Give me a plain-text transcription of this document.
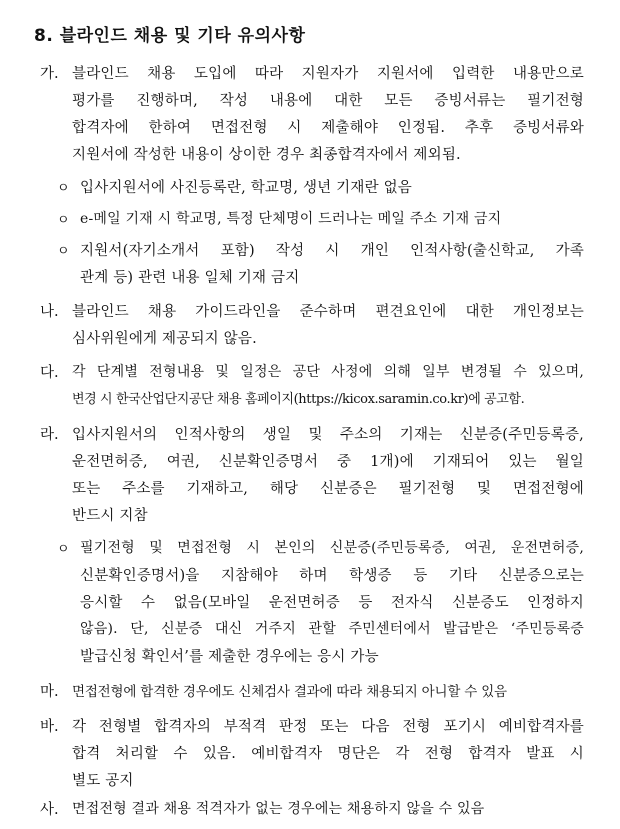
8. 블라인드 채용 및 기타 유의사항
가. 블라인드 채용 도입에 따라 지원자가 지원서에 입력한 내용만으로
평가를 진행하며, 작성 내용에 대한 모든 증빙서류는 필기전형
합격자에 한하여 면접전형 시 제출해야 인정됨. 추후 증빙서류와
지원서에 작성한 내용이 상이한 경우 최종합격자에서 제외됨.
ㅇ 입사지원서에 사진등록란, 학교명, 생년 기재란 없음
ㅇ e-메일 기재 시 학교명, 특정 단체명이 드러나는 메일 주소 기재 금지
ㅇ 지원서(자기소개서 포함) 작성 시 개인 인적사항(출신학교, 가족
관계 등) 관련 내용 일체 기재 금지
나. 블라인드 채용 가이드라인을 준수하며 편견요인에 대한 개인정보는
심사위원에게 제공되지 않음.
다. 각 단계별 전형내용 및 일정은 공단 사정에 의해 일부 변경될 수 있으며,
변경 시 한국산업단지공단 채용 홈페이지(https://kicox.saramin.co.kr)에 공고함.
라. 입사지원서의 인적사항의 생일 및 주소의 기재는 신분증(주민등록증,
운전면허증, 여권, 신분확인증명서 중 1개)에 기재되어 있는 월일
또는 주소를 기재하고, 해당 신분증은 필기전형 및 면접전형에
반드시 지참
ㅇ 필기전형 및 면접전형 시 본인의 신분증(주민등록증, 여권, 운전면허증,
신분확인증명서)을 지참해야 하며 학생증 등 기타 신분증으로는
응시할 수 없음(모바일 운전면허증 등 전자식 신분증도 인정하지
않음). 단, 신분증 대신 거주지 관할 주민센터에서 발급받은 ‘주민등록증
발급신청 확인서’를 제출한 경우에는 응시 가능
마. 면접전형에 합격한 경우에도 신체검사 결과에 따라 채용되지 아니할 수 있음
바. 각 전형별 합격자의 부적격 판정 또는 다음 전형 포기시 예비합격자를
합격 처리할 수 있음. 예비합격자 명단은 각 전형 합격자 발표 시
별도 공지
사. 면접전형 결과 채용 적격자가 없는 경우에는 채용하지 않을 수 있음
